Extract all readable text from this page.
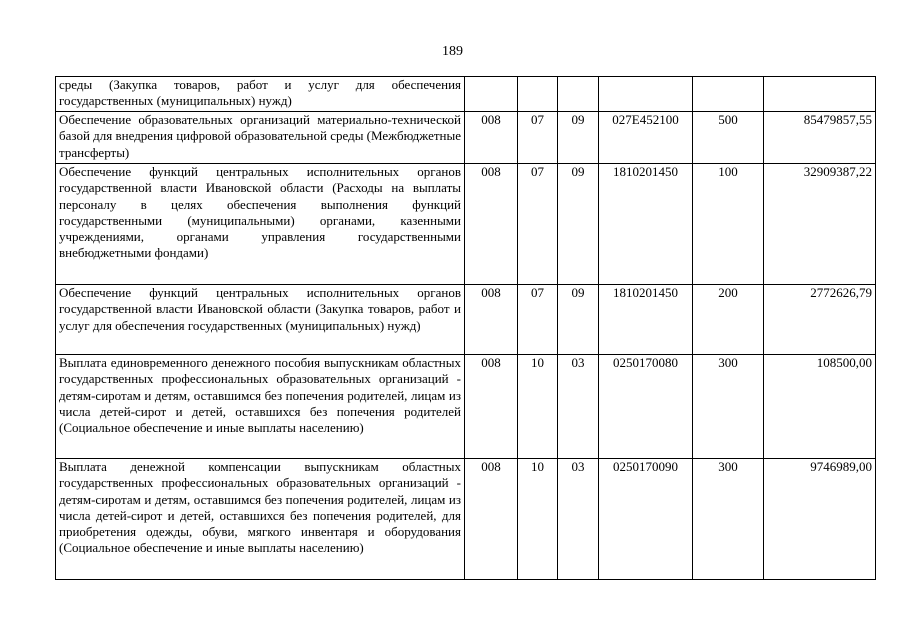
189
среды (Закупка товаров, работ и услуг для обеспечения государственных (муниципальных) нужд)						
Обеспечение образовательных организаций материально-технической базой для внедрения цифровой образовательной среды (Межбюджетные трансферты)	008	07	09	027Е452100	500	85479857,55
Обеспечение функций центральных исполнительных органов государственной власти Ивановской области (Расходы на выплаты персоналу в целях обеспечения выполнения функций государственными (муниципальными) органами, казенными учреждениями, органами управления государственными внебюджетными фондами)	008	07	09	1810201450	100	32909387,22
Обеспечение функций центральных исполнительных органов государственной власти Ивановской области (Закупка товаров, работ и услуг для обеспечения государственных (муниципальных) нужд)	008	07	09	1810201450	200	2772626,79
Выплата единовременного денежного пособия выпускникам областных государственных профессиональных образовательных организаций - детям-сиротам и детям, оставшимся без попечения родителей, лицам из числа детей-сирот и детей, оставшихся без попечения родителей (Социальное обеспечение и иные выплаты населению)	008	10	03	0250170080	300	108500,00
Выплата денежной компенсации выпускникам областных государственных профессиональных образовательных организаций - детям-сиротам и детям, оставшимся без попечения родителей, лицам из числа детей-сирот и детей, оставшихся без попечения родителей, для приобретения одежды, обуви, мягкого инвентаря и оборудования (Социальное обеспечение и иные выплаты населению)	008	10	03	0250170090	300	9746989,00
